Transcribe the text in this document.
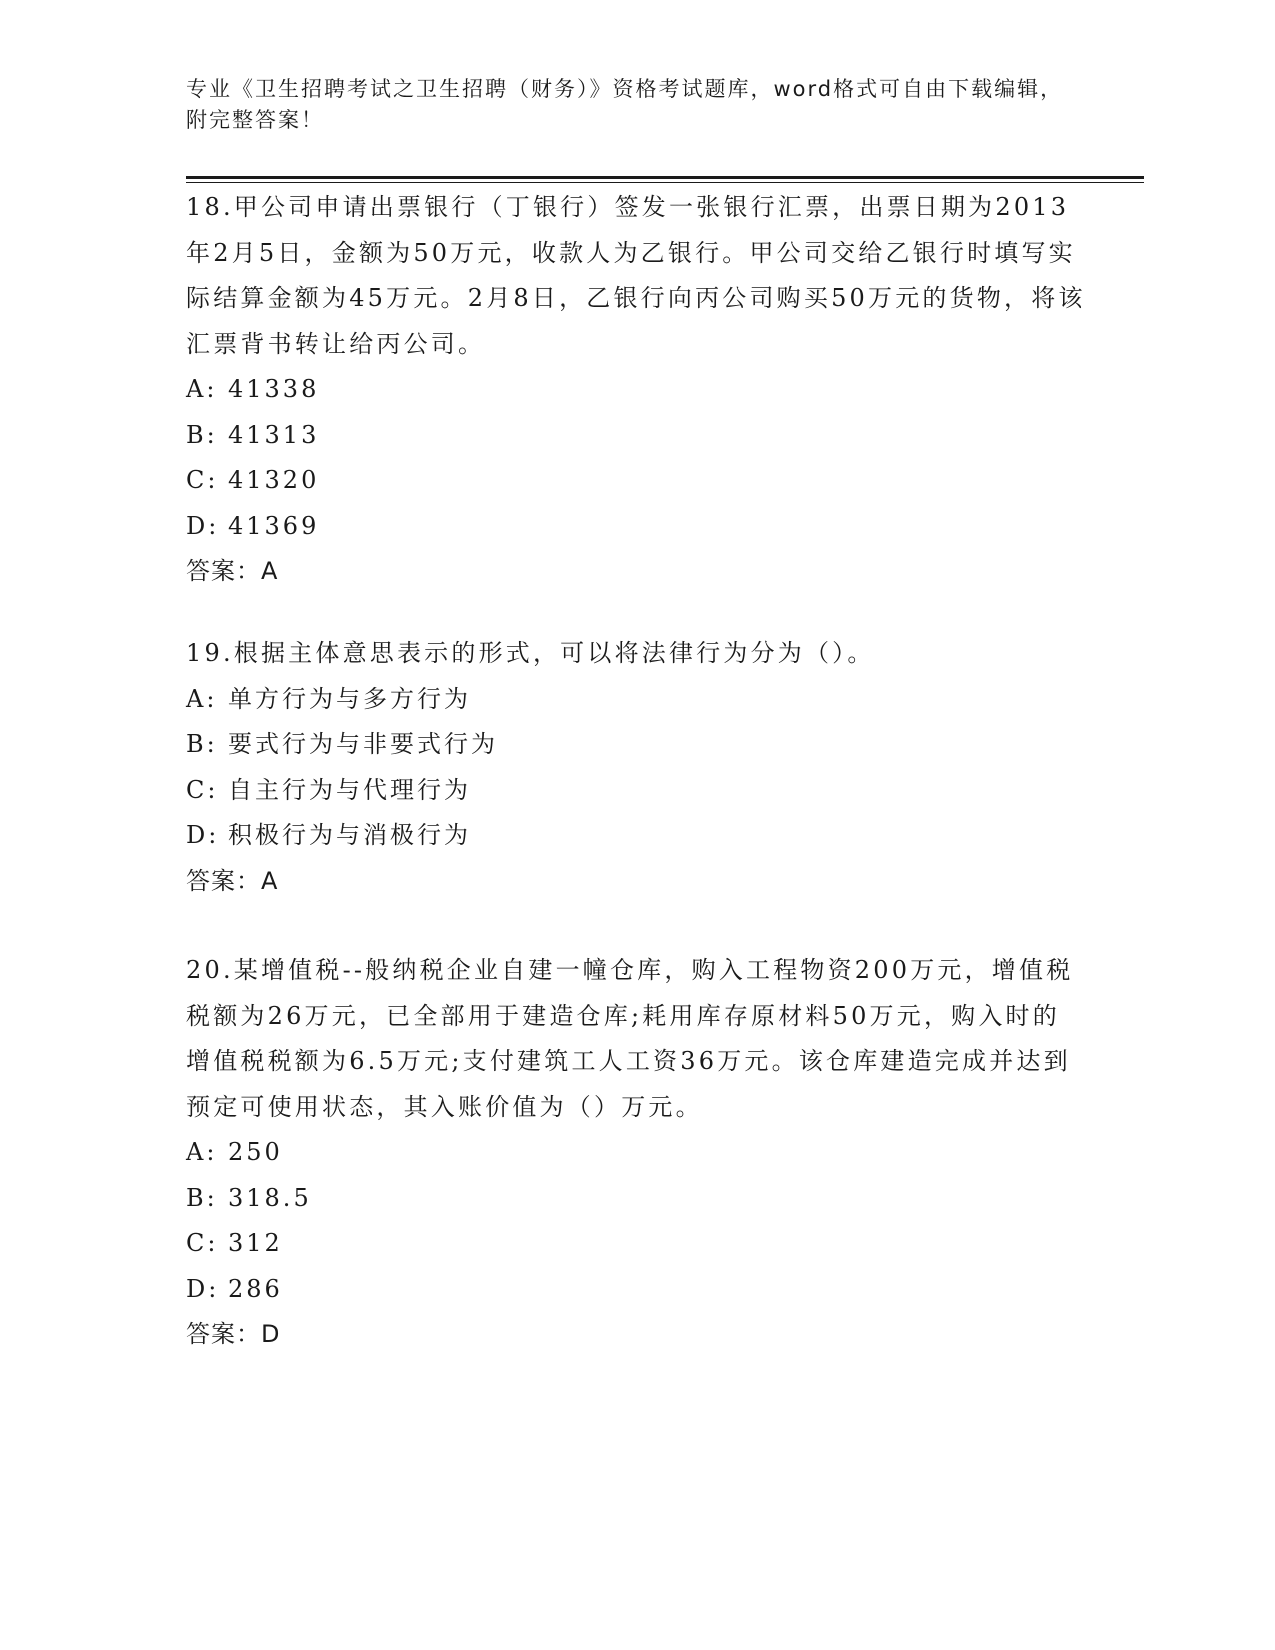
专业《卫生招聘考试之卫生招聘（财务）》资格考试题库，word格式可自由下载编辑，附完整答案！

18.甲公司申请出票银行（丁银行）签发一张银行汇票，出票日期为2013年2月5日，金额为50万元，收款人为乙银行。甲公司交给乙银行时填写实际结算金额为45万元。2月8日，乙银行向丙公司购买50万元的货物，将该汇票背书转让给丙公司。

A: 41338
B: 41313
C: 41320
D: 41369
答案：A

19.根据主体意思表示的形式，可以将法律行为分为（）。

A: 单方行为与多方行为
B: 要式行为与非要式行为
C: 自主行为与代理行为
D: 积极行为与消极行为
答案：A

20.某增值税--般纳税企业自建一幢仓库，购入工程物资200万元，增值税税额为26万元，已全部用于建造仓库;耗用库存原材料50万元，购入时的增值税税额为6.5万元;支付建筑工人工资36万元。该仓库建造完成并达到预定可使用状态，其入账价值为（）万元。

A: 250
B: 318.5
C: 312
D: 286
答案：D
